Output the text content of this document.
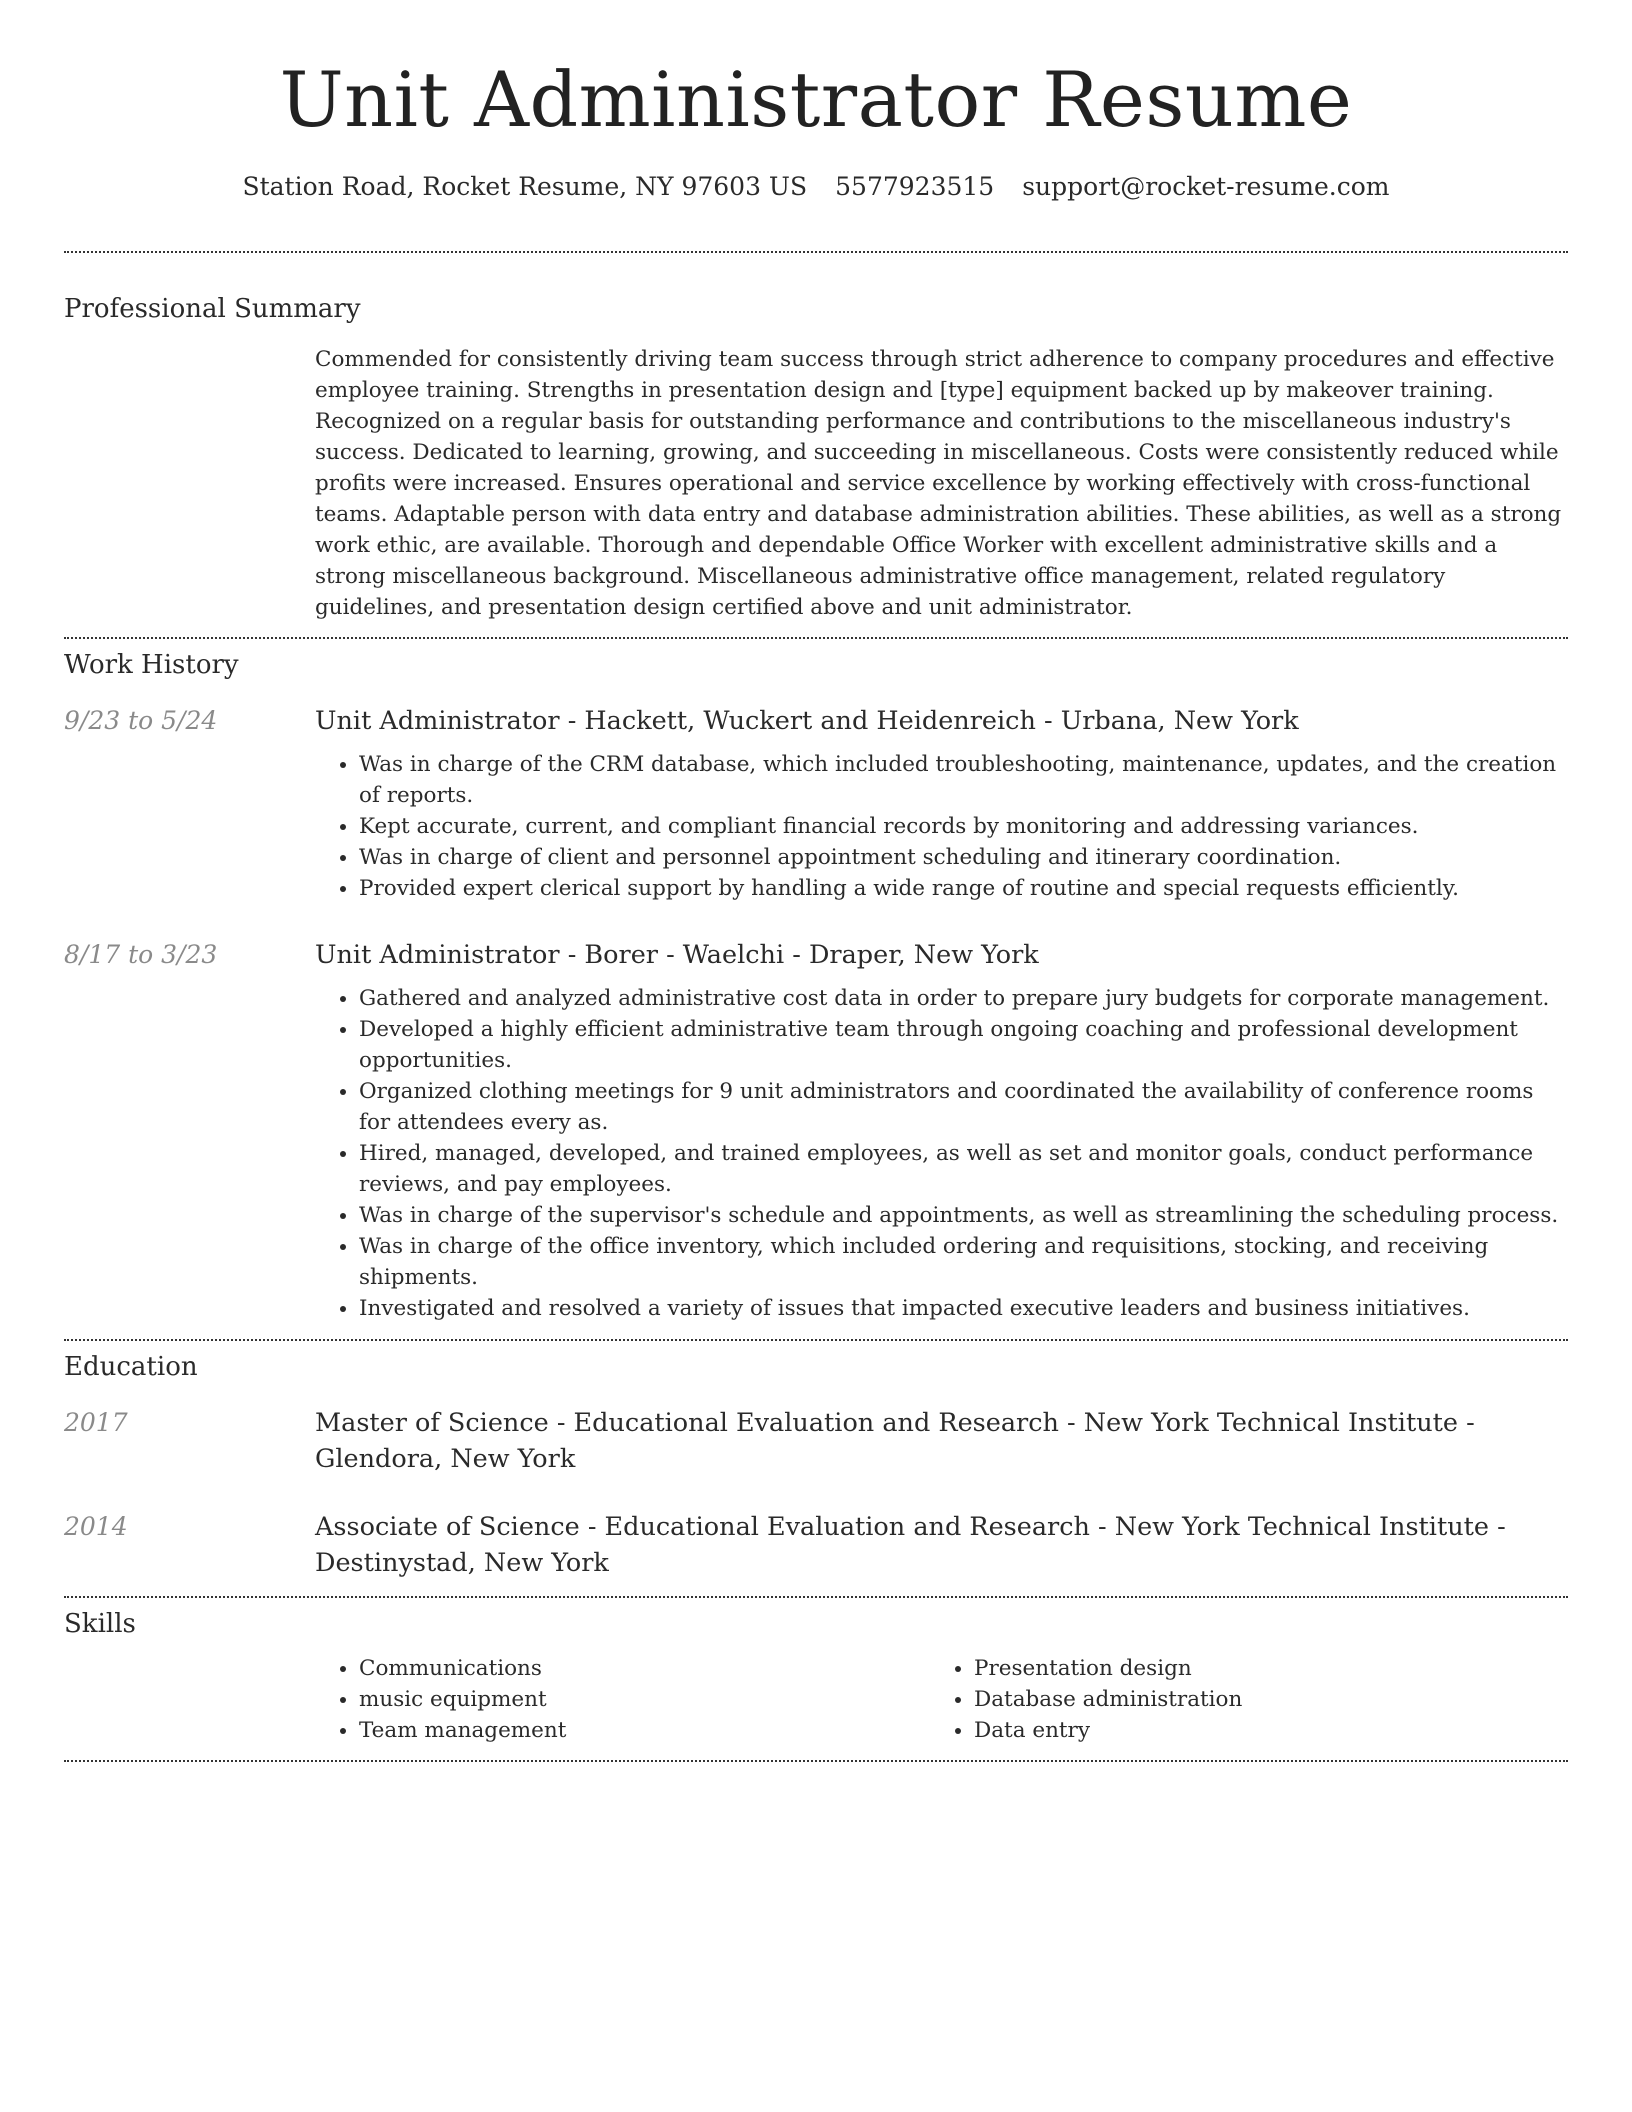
Unit Administrator Resume
Station Road, Rocket Resume, NY 97603 US 5577923515 support@rocket-resume.com
Professional Summary
Commended for consistently driving team success through strict adherence to company procedures and effective employee training. Strengths in presentation design and [type] equipment backed up by makeover training. Recognized on a regular basis for outstanding performance and contributions to the miscellaneous industry's success. Dedicated to learning, growing, and succeeding in miscellaneous. Costs were consistently reduced while profits were increased. Ensures operational and service excellence by working effectively with cross-functional teams. Adaptable person with data entry and database administration abilities. These abilities, as well as a strong work ethic, are available. Thorough and dependable Office Worker with excellent administrative skills and a strong miscellaneous background. Miscellaneous administrative office management, related regulatory guidelines, and presentation design certified above and unit administrator.
Work History
9/23 to 5/24	Unit Administrator - Hackett, Wuckert and Heidenreich - Urbana, New York
• Was in charge of the CRM database, which included troubleshooting, maintenance, updates, and the creation of reports.
• Kept accurate, current, and compliant financial records by monitoring and addressing variances.
• Was in charge of client and personnel appointment scheduling and itinerary coordination.
• Provided expert clerical support by handling a wide range of routine and special requests efficiently.
8/17 to 3/23	Unit Administrator - Borer - Waelchi - Draper, New York
• Gathered and analyzed administrative cost data in order to prepare jury budgets for corporate management.
• Developed a highly efficient administrative team through ongoing coaching and professional development opportunities.
• Organized clothing meetings for 9 unit administrators and coordinated the availability of conference rooms for attendees every as.
• Hired, managed, developed, and trained employees, as well as set and monitor goals, conduct performance reviews, and pay employees.
• Was in charge of the supervisor's schedule and appointments, as well as streamlining the scheduling process.
• Was in charge of the office inventory, which included ordering and requisitions, stocking, and receiving shipments.
• Investigated and resolved a variety of issues that impacted executive leaders and business initiatives.
Education
2017	Master of Science - Educational Evaluation and Research - New York Technical Institute - Glendora, New York
2014	Associate of Science - Educational Evaluation and Research - New York Technical Institute - Destinystad, New York
Skills
• Communications
• music equipment
• Team management
• Presentation design
• Database administration
• Data entry
